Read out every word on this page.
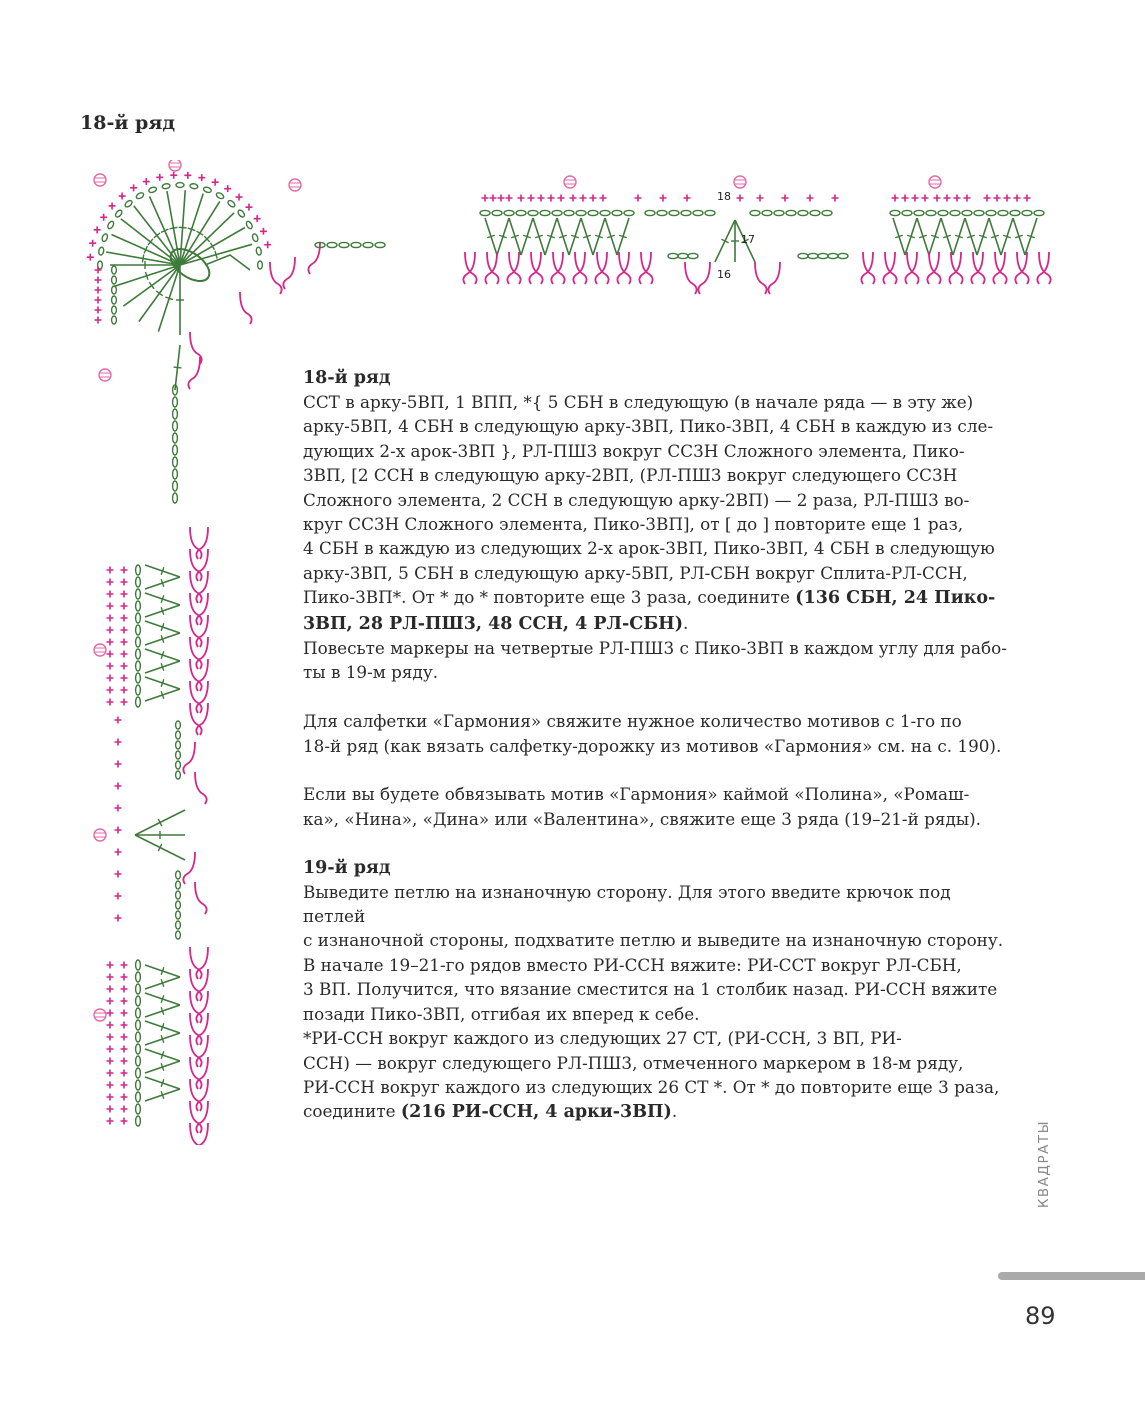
18-й ряд
18
17
16
18-й ряд

СCТ в арку-5ВП, 1 ВПП, *{ 5 СБН в следующую (в начале ряда — в эту же)

арку-5ВП, 4 СБН в следующую арку-3ВП, Пико-3ВП, 4 СБН в каждую из сле-

дующих 2-х арок-3ВП }, РЛ-ПШ3 вокруг СС3Н Сложного элемента, Пико-

3ВП, [2 ССН в следующую арку-2ВП, (РЛ-ПШ3 вокруг следующего СС3Н

Сложного элемента, 2 ССН в следующую арку-2ВП) — 2 раза, РЛ-ПШ3 во-

круг СС3Н Сложного элемента, Пико-3ВП], от [ до ] повторите еще 1 раз,

4 СБН в каждую из следующих 2-х арок-3ВП, Пико-3ВП, 4 СБН в следующую

арку-3ВП, 5 СБН в следующую арку-5ВП, РЛ-СБН вокруг Сплита-РЛ-ССН,

Пико-3ВП*. От * до * повторите еще 3 раза, соедините (136 СБН, 24 Пико-

3ВП, 28 РЛ-ПШ3, 48 ССН, 4 РЛ-СБН).

Повесьте маркеры на четвертые РЛ-ПШ3 с Пико-3ВП в каждом углу для рабо-

ты в 19-м ряду.

Для салфетки «Гармония» свяжите нужное количество мотивов с 1-го по

18-й ряд (как вязать салфетку-дорожку из мотивов «Гармония» см. на с. 190).

Если вы будете обвязывать мотив «Гармония» каймой «Полина», «Ромаш-

ка», «Нина», «Дина» или «Валентина», свяжите еще 3 ряда (19–21-й ряды).

19-й ряд

Выведите петлю на изнаночную сторону. Для этого введите крючок под петлей

с изнаночной стороны, подхватите петлю и выведите на изнаночную сторону.

В начале 19–21-го рядов вместо РИ-ССН вяжите: РИ-ССТ вокруг РЛ-СБН,

3 ВП. Получится, что вязание сместится на 1 столбик назад. РИ-ССН вяжите

позади Пико-3ВП, отгибая их вперед к себе.

*РИ-ССН вокруг каждого из следующих 27 СТ, (РИ-ССН, 3 ВП, РИ-

ССН) — вокруг следующего РЛ-ПШ3, отмеченного маркером в 18-м ряду,

РИ-ССН вокруг каждого из следующих 26 СТ *. От * до повторите еще 3 раза,

соедините (216 РИ-ССН, 4 арки-3ВП).

КВАДРАТЫ
89
